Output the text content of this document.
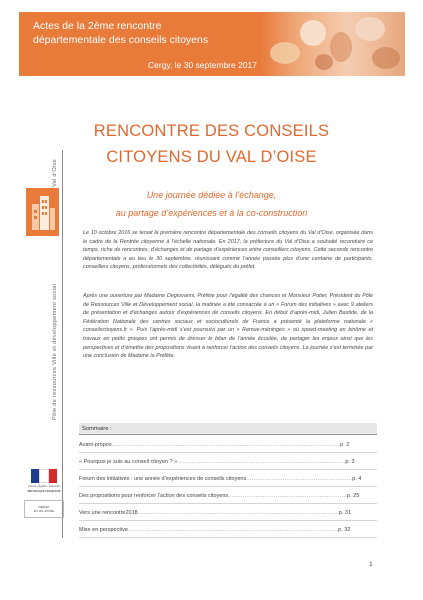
Actes de la 2ème rencontre
départementale des conseils citoyens
Cergy, le 30 septembre 2017
RENCONTRE DES CONSEILS
CITOYENS DU VAL D’OISE
Une journée dédiée à l’échange,
au partage d’expériences et à la co-construction
Val d’Oise
Pôle de ressources Ville et développement social
Le 10 octobre 2016 se tenait la première rencontre départementale des conseils citoyens du Val d’Oise, organisée dans le cadre de la Rentrée citoyenne à l’échelle nationale. En 2017, la préfecture du Val d’Oise a souhaité reconduire ce temps, riche de rencontres, d’échanges et de partage d’expériences entre conseillers citoyens. Cette seconde rencontre départementale a eu lieu le 30 septembre, réunissant comme l’année passée plus d’une centaine de participants, conseillers citoyens, professionnels des collectivités, délégués du préfet.
Après une ouverture par Madame Degiovanni, Préfète pour l’égalité des chances et Monsieur Potier, Président du Pôle de Ressources Ville et Développement social, la matinée a été consacrée à un « Forum des initiatives » avec 9 ateliers de présentation et d’échanges autour d’expériences de conseils citoyens. En début d’après-midi, Julien Bastide, de la Fédération Nationale des centres sociaux et socioculturels de France a présenté la plateforme nationale « conseilscitoyens.fr ». Puis l’après-midi s’est poursuivi par un « Remue-méninges » où speed-meeting en binôme et travaux en petits groupes ont permis de dresser le bilan de l’année écoulée, de partager les enjeux ainsi que les perspectives et d’émettre des propositions visant à renforcer l’action des conseils citoyens. La journée s’est terminée par une conclusion de Madame la Préfète.
Sommaire :
Avant-propos.............................................................................................................................p. 2
« Pourquoi je suis au conseil citoyen ? »............................................................................................p. 3
Forum des initiatives : une année d’expériences de conseils citoyens..........................................................p. 4
Des propositions pour renforcer l’action des conseils citoyens.................................................................p. 25
Vers une rencontre2018..............................................................................................................p. 31
Mise en perspective...................................................................................................................p. 32
Liberté • Égalité • Fraternité
RÉPUBLIQUE FRANÇAISE
PRÉFET
DU VAL-D’OISE
1
